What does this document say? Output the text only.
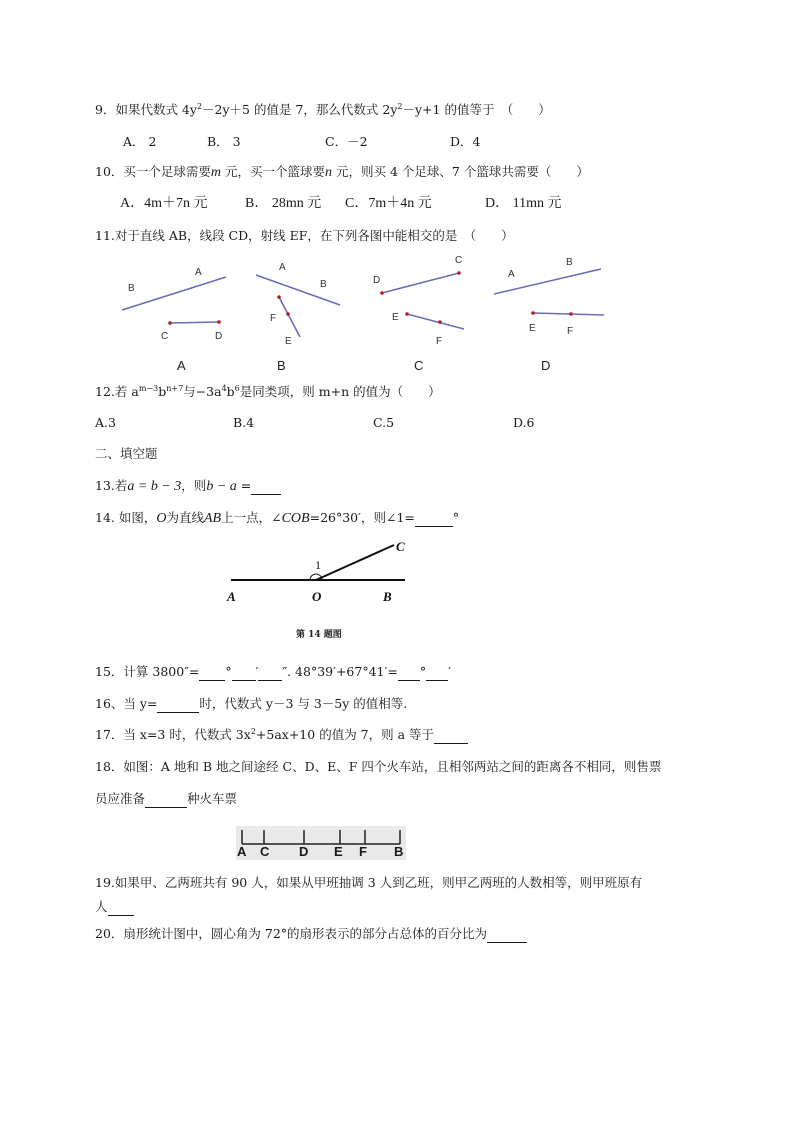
9．如果代数式 $4y^2-2y+5$ 的值是 7，那么代数式 $2y^2-y+1$ 的值等于　（　　）
A． 2	B． 3	C．－2	D．4
10．买一个足球需要m 元，买一个篮球要n 元，则买 4 个足球、7 个篮球共需要（　　）
A．4m＋7n 元	B． 28mn 元 C．7m＋4n 元	D． 11mn 元
11.对于直线 AB，线段 CD，射线 EF，在下列各图中能相交的是　（　　）
B
A
C	D
A
B
F
E
D
C
E
F
A
B
E	F
A	B	C	D
12.若 $a^{m-3}b^{n+7}$与$-3a^4b^6$是同类项，则 m+n 的值为（　　）
A.3	B.4	C.5	D.6
二、填空题
13.若a = b − 3，则b − a =
14. 如图，O为直线AB上一点，∠COB=26°30′，则∠1=	°
A	O	B
C
1
第 14 题图
15．计算 3800″= ° ′ ″. 48°39′+67°41′= ° ′
16、当 y=	时，代数式 y－3 与 3－5y 的值相等.
17．当 x=3 时，代数式 $3x^2+5ax+10$ 的值为 7，则 a 等于
18．如图：A 地和 B 地之间途经 C、D、E、F 四个火车站，且相邻两站之间的距离各不相同，则售票
员应准备	种火车票
A C D E F B
19.如果甲、乙两班共有 90 人，如果从甲班抽调 3 人到乙班，则甲乙两班的人数相等，则甲班原有
人
20．扇形统计图中，圆心角为 72°的扇形表示的部分占总体的百分比为
